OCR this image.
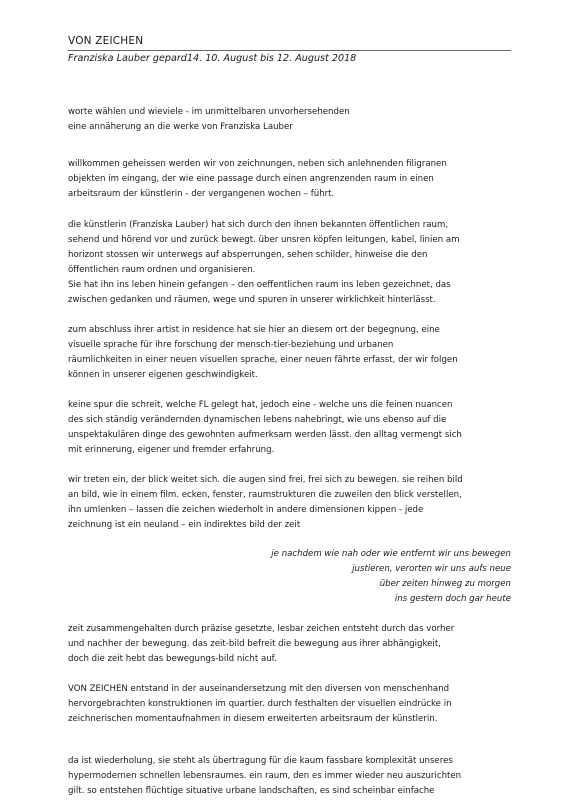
VON ZEICHEN
Franziska Lauber gepard14. 10. August bis 12. August 2018

worte wählen und wieviele - im unmittelbaren unvorhersehenden
eine annäherung an die werke von Franziska Lauber

willkommen geheissen werden wir von zeichnungen, neben sich anlehnenden filigranen
objekten im eingang, der wie eine passage durch einen angrenzenden raum in einen
arbeitsraum der künstlerin - der vergangenen wochen – führt.

die künstlerin (Franziska Lauber) hat sich durch den ihnen bekannten öffentlichen raum,
sehend und hörend vor und zurück bewegt. über unsren köpfen leitungen, kabel, linien am
horizont stossen wir unterwegs auf absperrungen, sehen schilder, hinweise die den
öffentlichen raum ordnen und organisieren.
Sie hat ihn ins leben hinein gefangen – den oeffentlichen raum ins leben gezeichnet, das
zwischen gedanken und räumen, wege und spuren in unserer wirklichkeit hinterlässt.

zum abschluss ihrer artist in residence hat sie hier an diesem ort der begegnung, eine
visuelle sprache für ihre forschung der mensch-tier-beziehung und urbanen
räumlichkeiten in einer neuen visuellen sprache, einer neuen fährte erfasst, der wir folgen
können in unserer eigenen geschwindigkeit.

keine spur die schreit, welche FL gelegt hat, jedoch eine - welche uns die feinen nuancen
des sich ständig verändernden dynamischen lebens nahebringt, wie uns ebenso auf die
unspektakulären dinge des gewohnten aufmerksam werden lässt. den alltag vermengt sich
mit erinnerung, eigener und fremder erfahrung.

wir treten ein, der blick weitet sich. die augen sind frei, frei sich zu bewegen. sie reihen bild
an bild, wie in einem film. ecken, fenster, raumstrukturen die zuweilen den blick verstellen,
ihn umlenken – lassen die zeichen wiederholt in andere dimensionen kippen - jede
zeichnung ist ein neuland – ein indirektes bild der zeit

je nachdem wie nah oder wie entfernt wir uns bewegen
justieren, verorten wir uns aufs neue
über zeiten hinweg zu morgen
ins gestern doch gar heute

zeit zusammengehalten durch präzise gesetzte, lesbar zeichen entsteht durch das vorher
und nachher der bewegung. das zeit-bild befreit die bewegung aus ihrer abhängigkeit,
doch die zeit hebt das bewegungs-bild nicht auf.

VON ZEICHEN entstand in der auseinandersetzung mit den diversen von menschenhand
hervorgebrachten konstruktionen im quartier. durch festhalten der visuellen eindrücke in
zeichnerischen momentaufnahmen in diesem erweiterten arbeitsraum der künstlerin.

da ist wiederholung, sie steht als übertragung für die kaum fassbare komplexität unseres
hypermodernen schnellen lebensraumes. ein raum, den es immer wieder neu auszurichten
gilt. so entstehen flüchtige situative urbane landschaften, es sind scheinbar einfache
